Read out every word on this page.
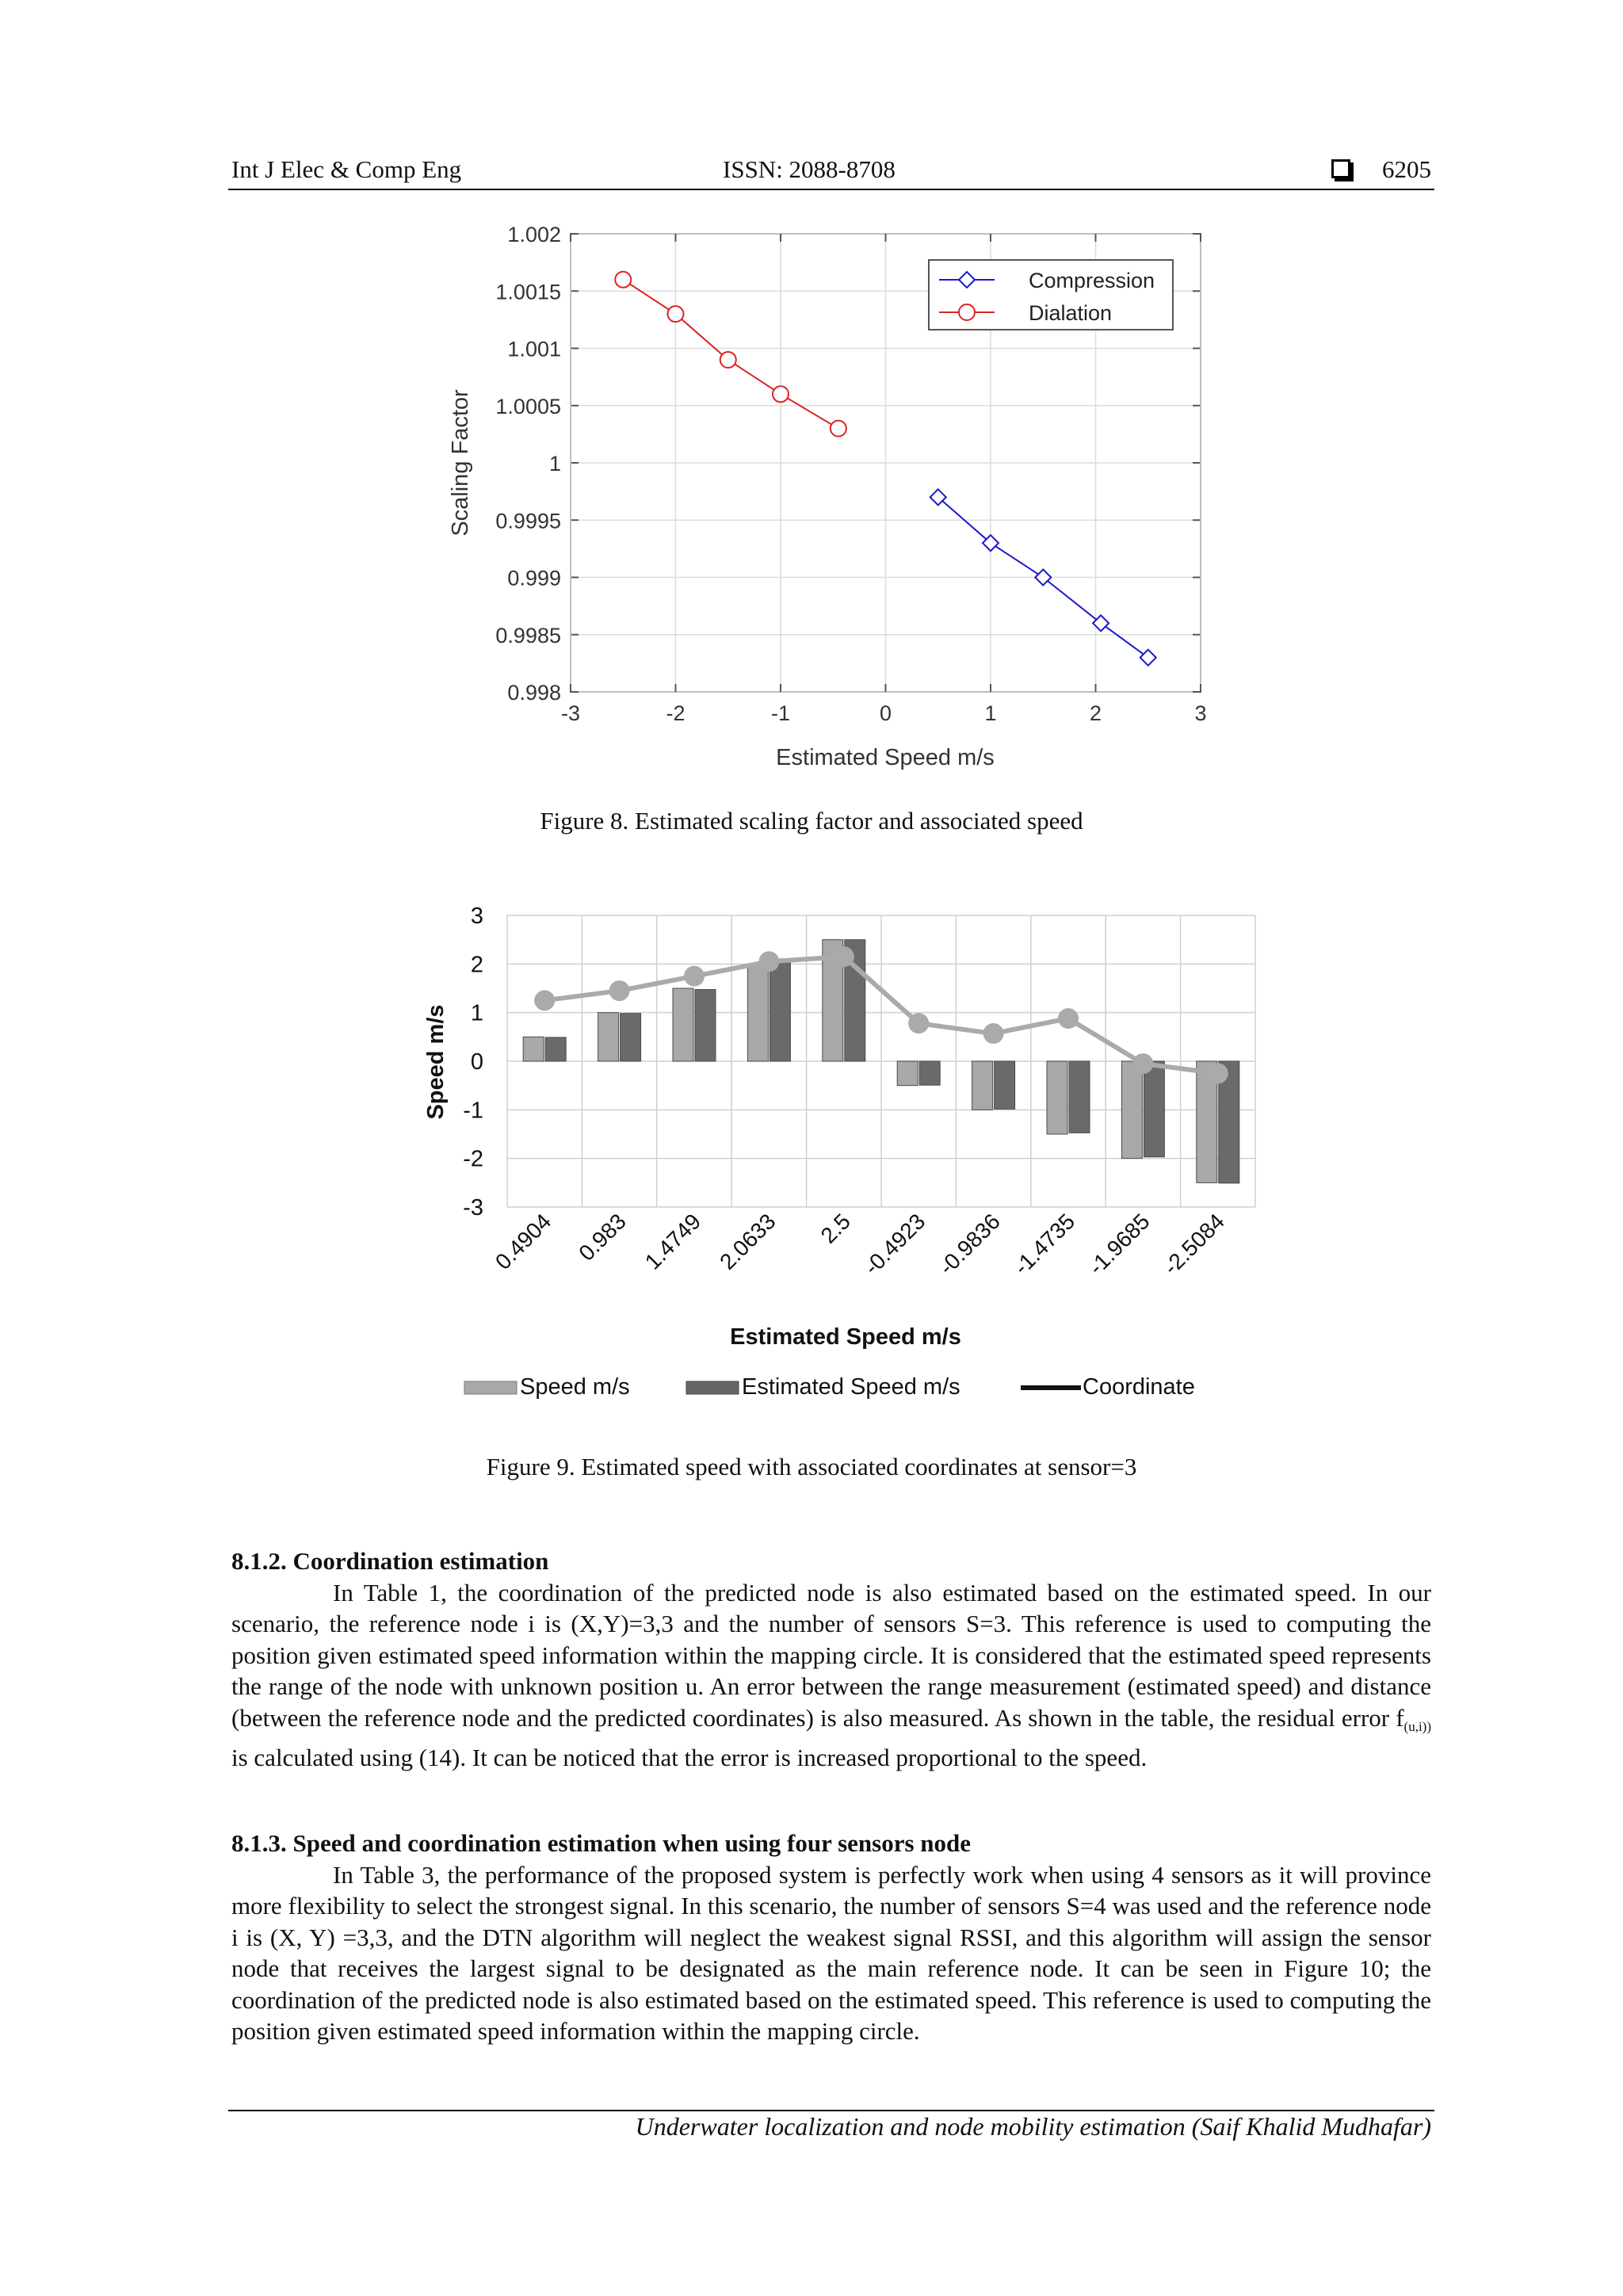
Int J Elec & Comp Eng	ISSN: 2088-8708	6205
0.998
0.9985
0.999
0.9995
1
1.0005
1.001
1.0015
1.002
-3	-2	-1	0	1	2	3
Estimated Speed m/s
Scaling Factor
Compression
Dialation
Figure 8. Estimated scaling factor and associated speed
3
2
1
0
-1
-2
-3
0.4904 0.983 1.4749 2.0633 2.5 -0.4923 -0.9836 -1.4735 -1.9685 -2.5084
Estimated Speed m/s
Speed m/s
Speed m/s	Estimated Speed m/s	Coordinate
Figure 9. Estimated speed with associated coordinates at sensor=3
8.1.2. Coordination estimation
In Table 1, the coordination of the predicted node is also estimated based on the estimated speed. In our scenario, the reference node i is (X,Y)=3,3 and the number of sensors S=3. This reference is used to computing the position given estimated speed information within the mapping circle. It is considered that the estimated speed represents the range of the node with unknown position u. An error between the range measurement (estimated speed) and distance (between the reference node and the predicted coordinates) is also measured. As shown in the table, the residual error $f_{(u,i))}$ is calculated using (14). It can be noticed that the error is increased proportional to the speed.
8.1.3. Speed and coordination estimation when using four sensors node
In Table 3, the performance of the proposed system is perfectly work when using 4 sensors as it will province more flexibility to select the strongest signal. In this scenario, the number of sensors S=4 was used and the reference node i is (X, Y) =3,3, and the DTN algorithm will neglect the weakest signal RSSI, and this algorithm will assign the sensor node that receives the largest signal to be designated as the main reference node. It can be seen in Figure 10; the coordination of the predicted node is also estimated based on the estimated speed. This reference is used to computing the position given estimated speed information within the mapping circle.
Underwater localization and node mobility estimation (Saif Khalid Mudhafar)
